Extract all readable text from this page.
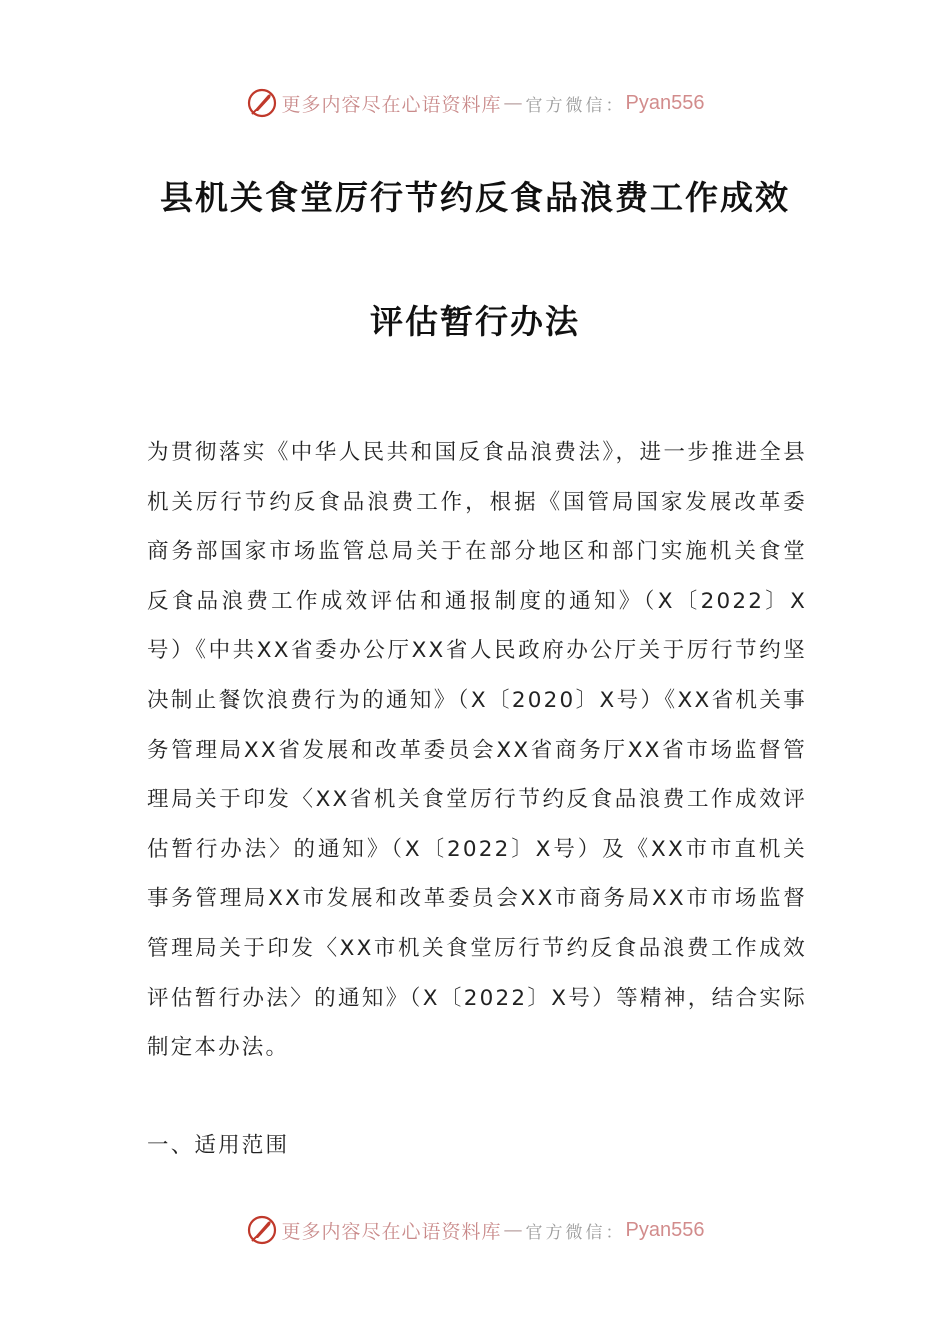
更多内容尽在心语资料库 — 官方微信： Pyan556
县机关食堂厉行节约反食品浪费工作成效
评估暂行办法
为贯彻落实《中华人民共和国反食品浪费法》，进一步推进全县机关厉行节约反食品浪费工作，根据《国管局国家发展改革委商务部国家市场监管总局关于在部分地区和部门实施机关食堂反食品浪费工作成效评估和通报制度的通知》（X〔2022〕X号）《中共XX省委办公厅XX省人民政府办公厅关于厉行节约坚决制止餐饮浪费行为的通知》（X〔2020〕X号）《XX省机关事务管理局XX省发展和改革委员会XX省商务厅XX省市场监督管理局关于印发〈XX省机关食堂厉行节约反食品浪费工作成效评估暂行办法〉的通知》（X〔2022〕X号）及《XX市市直机关事务管理局XX市发展和改革委员会XX市商务局XX市市场监督管理局关于印发〈XX市机关食堂厉行节约反食品浪费工作成效评估暂行办法〉的通知》（X〔2022〕X号）等精神，结合实际制定本办法。
一、适用范围
更多内容尽在心语资料库 — 官方微信： Pyan556
